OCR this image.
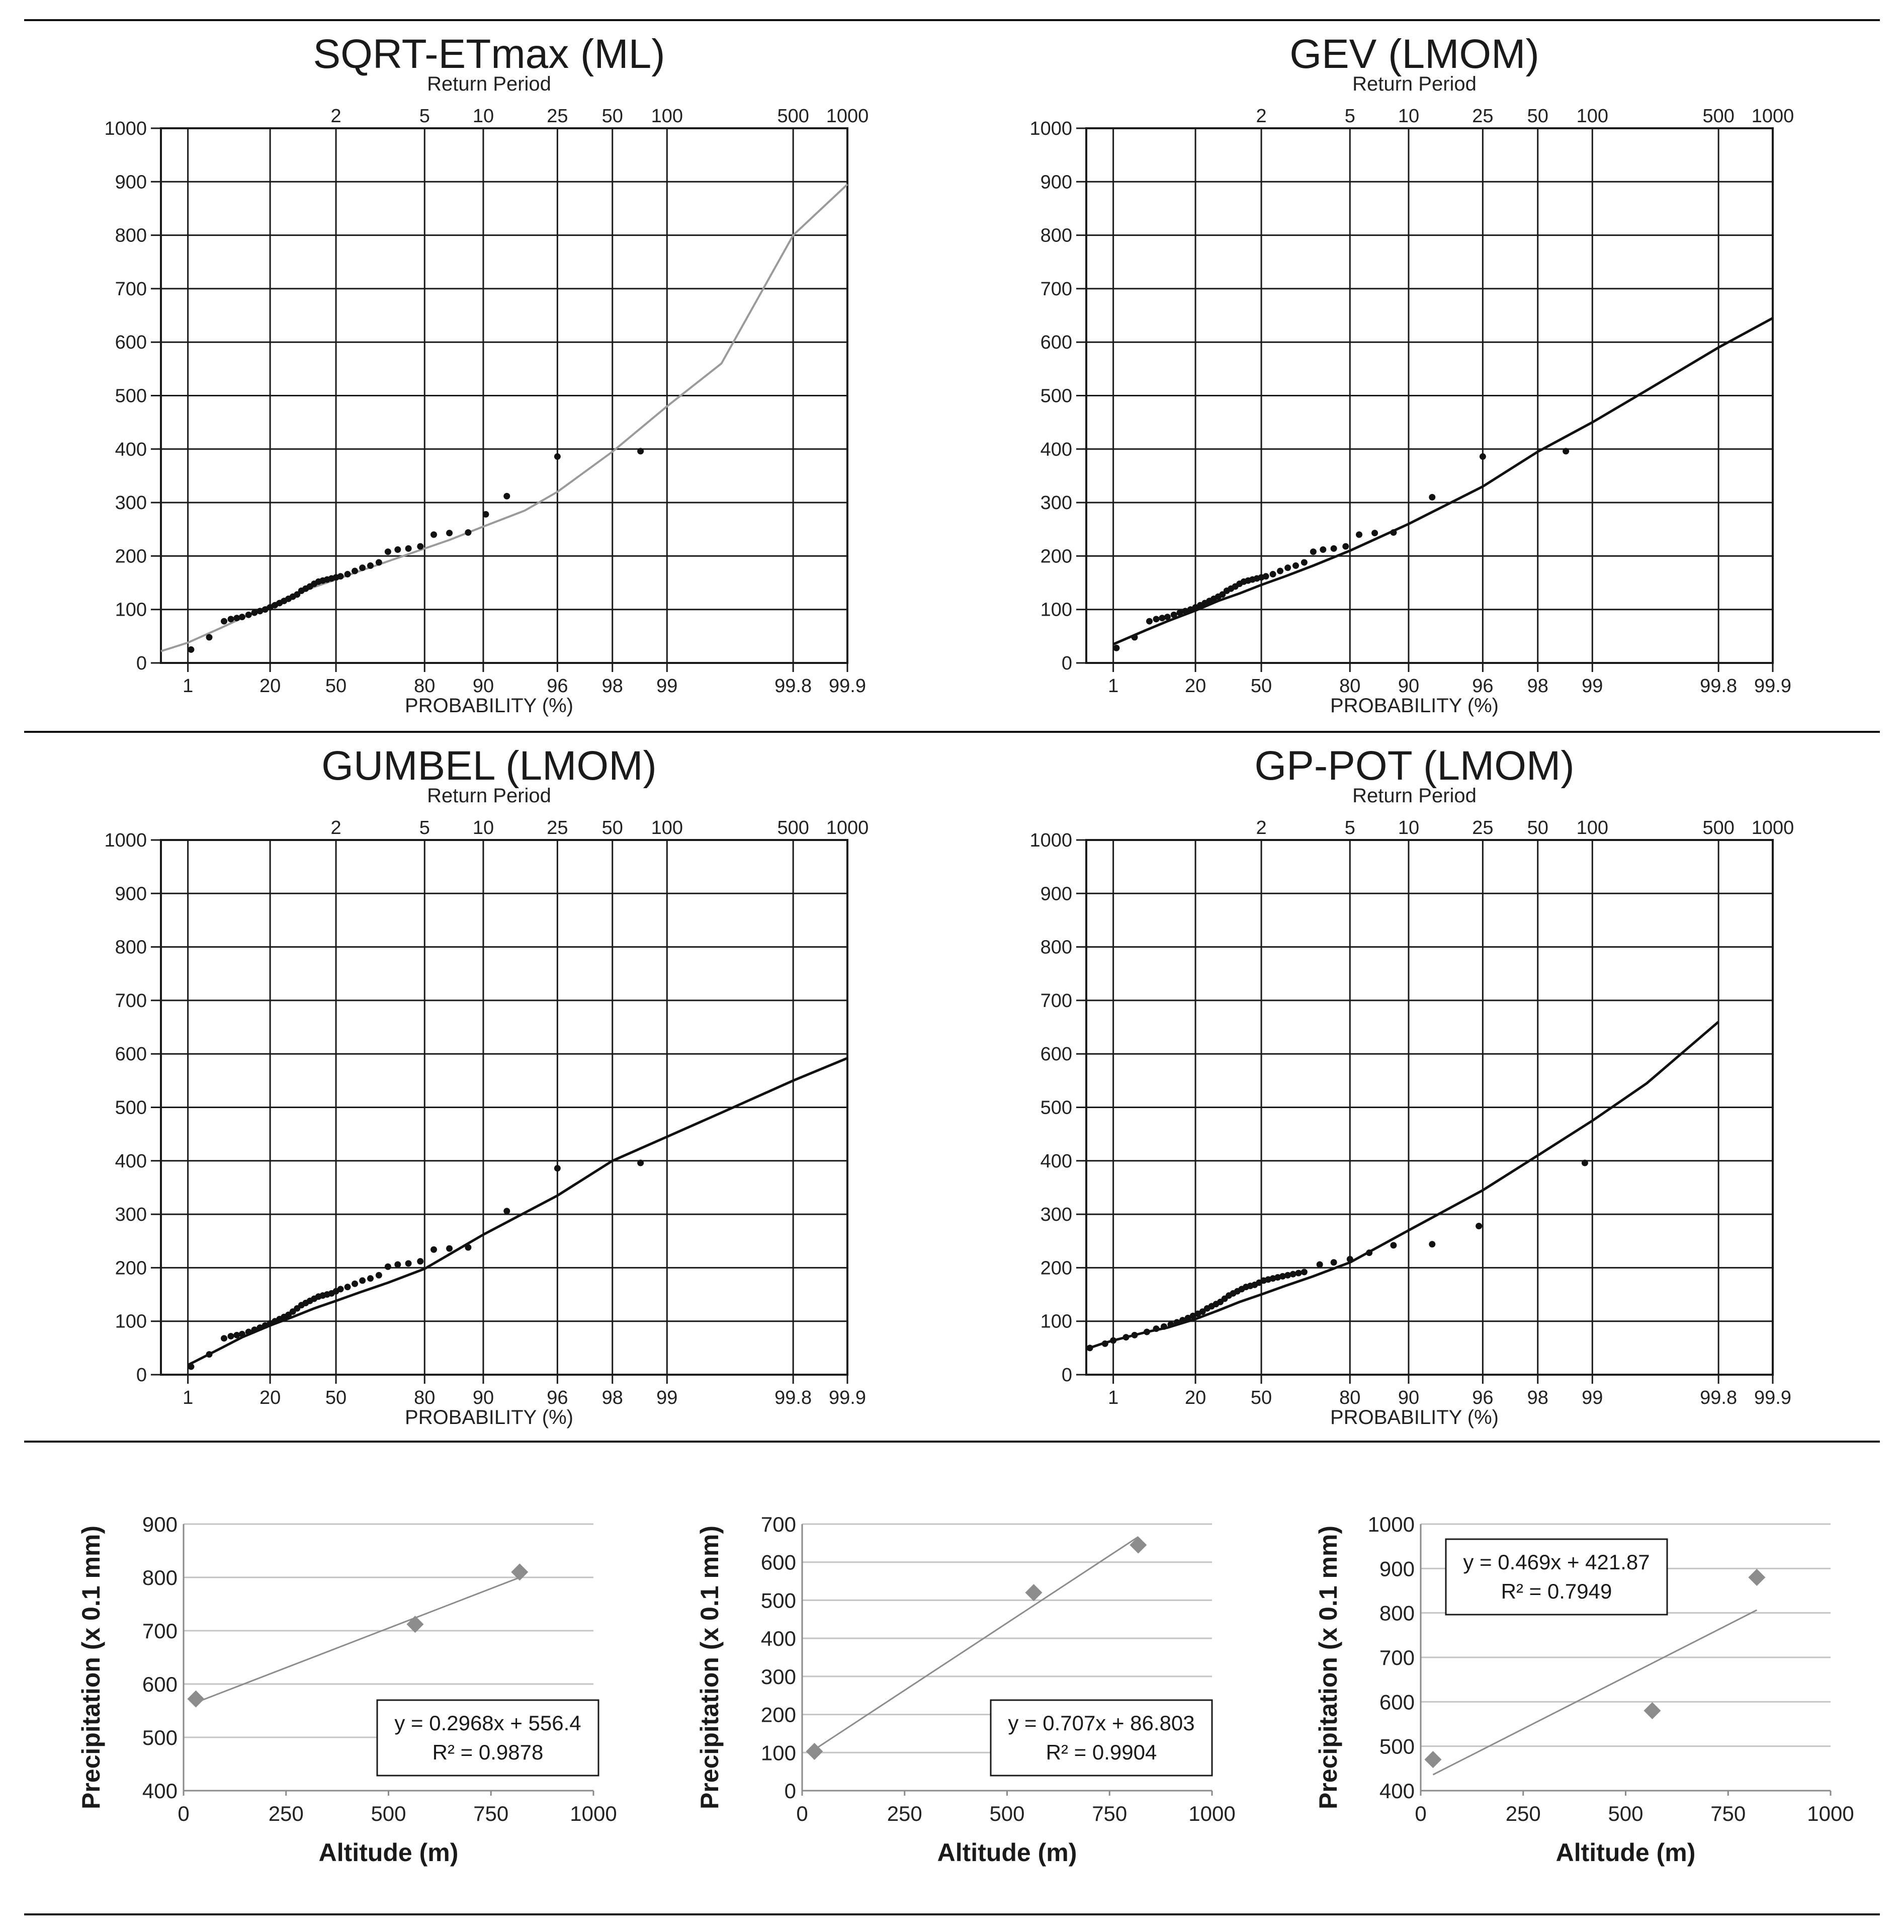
SQRT-ETmax (ML)
Return Period
0
100
200
300
400
500
600
700
800
900
1000
1	20 50	80 90	96 98 99	99.8 99.9
2	5 10	25 50 100	500 1000
PROBABILITY (%)
GEV (LMOM)
Return Period
0
100
200
300
400
500
600
700
800
900
1000
1	20 50	80 90	96 98 99	99.8 99.9
2	5 10	25 50 100	500 1000
PROBABILITY (%)
GUMBEL (LMOM)
Return Period
0
100
200
300
400
500
600
700
800
900
1000
1	20 50	80 90	96 98 99	99.8 99.9
2	5 10	25 50 100	500 1000
PROBABILITY (%)
GP-POT (LMOM)
Return Period
0
100
200
300
400
500
600
700
800
900
1000
1	20 50	80 90	96 98 99	99.8 99.9
2	5 10	25 50 100	500 1000
PROBABILITY (%)
400
500
600
700
800
900
0	250	500	750	1000
Altitude (m)
Precipitation (x 0.1 mm)	y = 0.2968x + 556.4
R² = 0.9878
0
100
200
300
400
500
600
700
0	250	500	750	1000
Altitude (m)
Precipitation (x 0.1 mm)	y = 0.707x + 86.803
R² = 0.9904
400
500
600
700
800
900
1000
0	250	500	750	1000
Altitude (m)
Precipitation (x 0.1 mm)	y = 0.469x + 421.87
R² = 0.7949
